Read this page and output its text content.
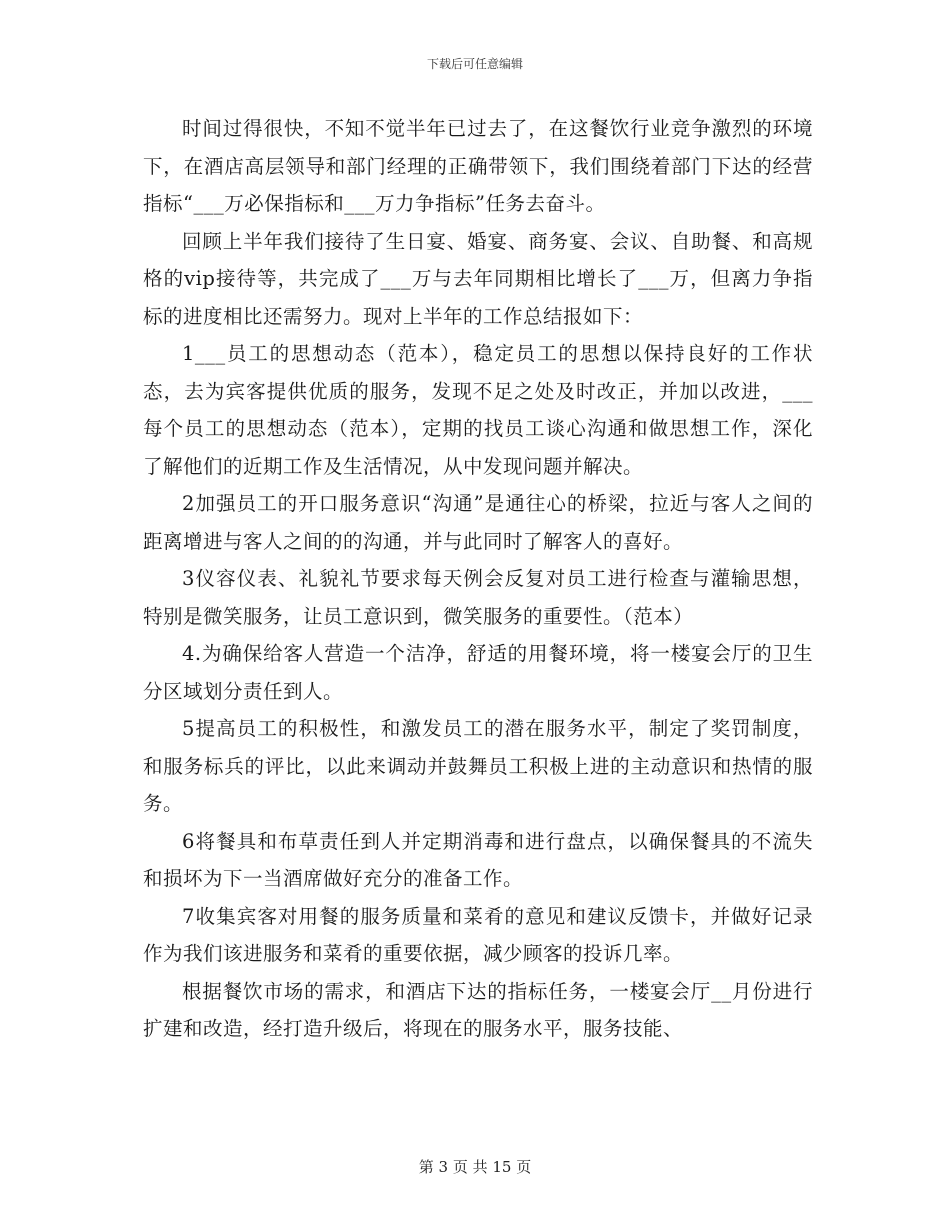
下载后可任意编辑

时间过得很快，不知不觉半年已过去了，在这餐饮行业竞争激烈的环境下，在酒店高层领导和部门经理的正确带领下，我们围绕着部门下达的经营指标“___万必保指标和___万力争指标”任务去奋斗。

回顾上半年我们接待了生日宴、婚宴、商务宴、会议、自助餐、和高规格的vip接待等，共完成了___万与去年同期相比增长了___万，但离力争指标的进度相比还需努力。现对上半年的工作总结报如下：

1___员工的思想动态（范本），稳定员工的思想以保持良好的工作状态，去为宾客提供优质的服务，发现不足之处及时改正，并加以改进，___每个员工的思想动态（范本），定期的找员工谈心沟通和做思想工作，深化了解他们的近期工作及生活情况，从中发现问题并解决。

2加强员工的开口服务意识“沟通”是通往心的桥梁，拉近与客人之间的距离增进与客人之间的的沟通，并与此同时了解客人的喜好。

3仪容仪表、礼貌礼节要求每天例会反复对员工进行检查与灌输思想，特别是微笑服务，让员工意识到，微笑服务的重要性。（范本）

4.为确保给客人营造一个洁净，舒适的用餐环境，将一楼宴会厅的卫生分区域划分责任到人。

5提高员工的积极性，和激发员工的潜在服务水平，制定了奖罚制度，和服务标兵的评比，以此来调动并鼓舞员工积极上进的主动意识和热情的服务。

6将餐具和布草责任到人并定期消毒和进行盘点，以确保餐具的不流失和损坏为下一当酒席做好充分的准备工作。

7收集宾客对用餐的服务质量和菜肴的意见和建议反馈卡，并做好记录作为我们该进服务和菜肴的重要依据，减少顾客的投诉几率。

根据餐饮市场的需求，和酒店下达的指标任务，一楼宴会厅__月份进行扩建和改造，经打造升级后，将现在的服务水平，服务技能、

第 3 页 共 15 页
